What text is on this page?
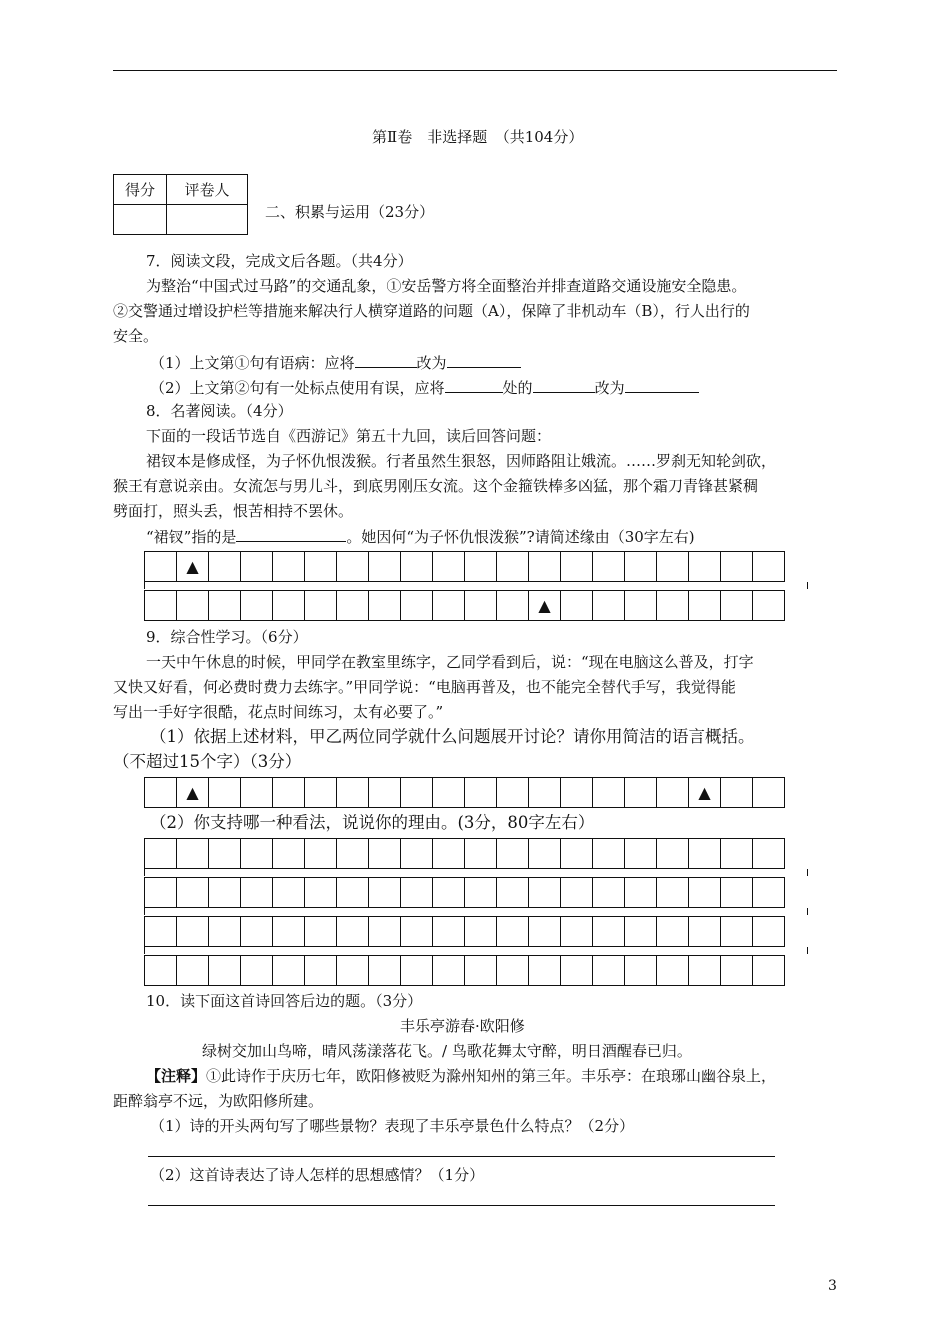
第Ⅱ卷　非选择题　（共104分）
得分	评卷人

二、积累与运用（23分）
7．阅读文段，完成文后各题。（共4分）
为整治“中国式过马路”的交通乱象，①安岳警方将全面整治并排查道路交通设施安全隐患。
②交警通过增设护栏等措施来解决行人横穿道路的问题（A），保障了非机动车（B），行人出行的
安全。
（1）上文第①句有语病：应将	改为
（2）上文第②句有一处标点使用有误，应将	处的	改为
8．名著阅读。（4分）
下面的一段话节选自《西游记》第五十九回，读后回答问题：
裙钗本是修成怪，为子怀仇恨泼猴。行者虽然生狠怒，因师路阻让娥流。……罗刹无知轮剑砍，
猴王有意说亲由。女流怎与男儿斗，到底男刚压女流。这个金箍铁棒多凶猛，那个霜刀青锋甚紧稠
劈面打，照头丢，恨苦相持不罢休。
“裙钗”指的是	。她因何“为子怀仇恨泼猴”?请简述缘由（30字左右)
	▲																		
												▲							
9．综合性学习。（6分）
一天中午休息的时候，甲同学在教室里练字，乙同学看到后，说：“现在电脑这么普及，打字
又快又好看，何必费时费力去练字。”甲同学说：“电脑再普及，也不能完全替代手写，我觉得能
写出一手好字很酷，花点时间练习，太有必要了。”
（1）依据上述材料，甲乙两位同学就什么问题展开讨论？请你用简洁的语言概括。
（不超过15个字）（3分）
	▲																▲		
（2）你支持哪一种看法，说说你的理由。(3分，80字左右）

10．读下面这首诗回答后边的题。（3分）
丰乐亭游春·欧阳修
绿树交加山鸟啼，晴风荡漾落花飞。/ 鸟歌花舞太守醉，明日酒醒春已归。
【注释】①此诗作于庆历七年，欧阳修被贬为滁州知州的第三年。丰乐亭：在琅琊山幽谷泉上，
距醉翁亭不远，为欧阳修所建。
（1）诗的开头两句写了哪些景物？表现了丰乐亭景色什么特点？（2分）
（2）这首诗表达了诗人怎样的思想感情？（1分）
3
